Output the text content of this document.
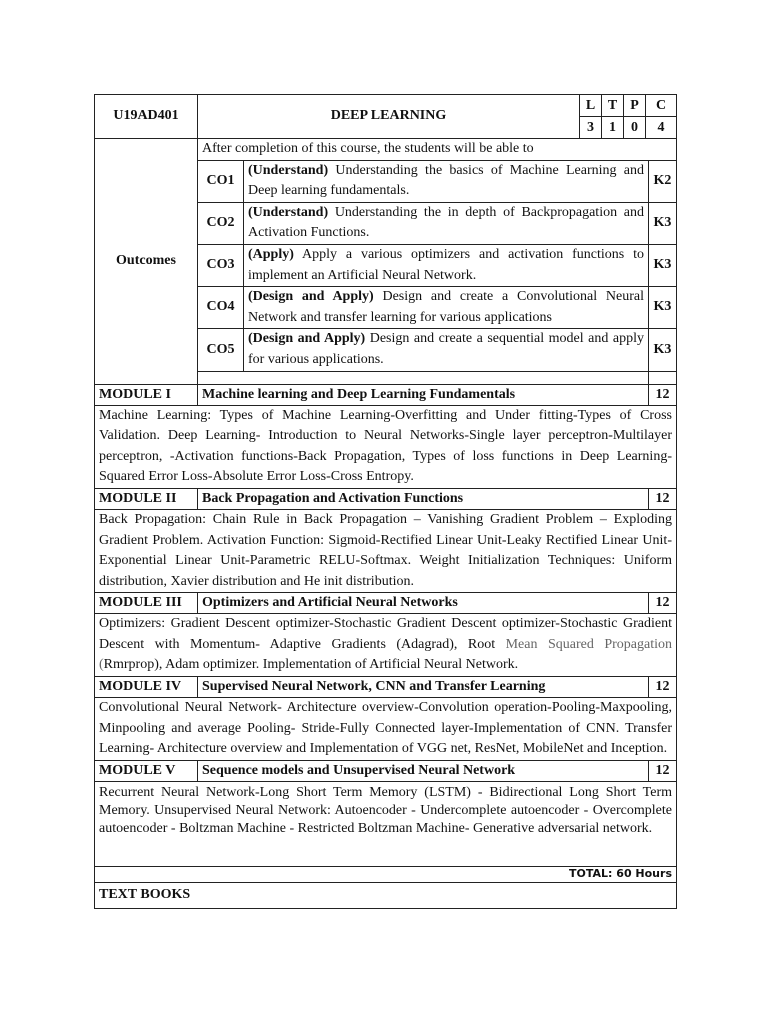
U19AD401	DEEP LEARNING	
L	T	P	C
3	1	0	4

Outcomes	After completion of this course, the students will be able to
CO1	(Understand) Understanding the basics of Machine Learning and Deep learning fundamentals.	K2
CO2	(Understand) Understanding the in depth of Backpropagation and Activation Functions.	K3
CO3	(Apply) Apply a various optimizers and activation functions to implement an Artificial Neural Network.	K3
CO4	(Design and Apply) Design and create a Convolutional Neural Network and transfer learning for various applications	K3
CO5	(Design and Apply) Design and create a sequential model and apply for various applications.	K3

MODULE I	Machine learning and Deep Learning Fundamentals	12
Machine Learning: Types of Machine Learning-Overfitting and Under fitting-Types of Cross Validation. Deep Learning- Introduction to Neural Networks-Single layer perceptron-Multilayer perceptron, -Activation functions-Back Propagation, Types of loss functions in Deep Learning-Squared Error Loss-Absolute Error Loss-Cross Entropy.
MODULE II	Back Propagation and Activation Functions	12
Back Propagation: Chain Rule in Back Propagation – Vanishing Gradient Problem – Exploding Gradient Problem. Activation Function: Sigmoid-Rectified Linear Unit-Leaky Rectified Linear Unit-Exponential Linear Unit-Parametric RELU-Softmax. Weight Initialization Techniques: Uniform distribution, Xavier distribution and He init distribution.
MODULE III	Optimizers and Artificial Neural Networks	12
Optimizers: Gradient Descent optimizer-Stochastic Gradient Descent optimizer-Stochastic Gradient Descent with Momentum- Adaptive Gradients (Adagrad), Root Mean Squared Propagation (Rmrprop), Adam optimizer. Implementation of Artificial Neural Network.
MODULE IV	Supervised Neural Network, CNN and Transfer Learning	12
Convolutional Neural Network- Architecture overview-Convolution operation-Pooling-Maxpooling, Minpooling and average Pooling- Stride-Fully Connected layer-Implementation of CNN. Transfer Learning- Architecture overview and Implementation of VGG net, ResNet, MobileNet and Inception.
MODULE V	Sequence models and Unsupervised Neural Network	12
Recurrent Neural Network-Long Short Term Memory (LSTM) - Bidirectional Long Short Term Memory. Unsupervised Neural Network: Autoencoder - Undercomplete autoencoder - Overcomplete autoencoder - Boltzman Machine - Restricted Boltzman Machine- Generative adversarial network.
TOTAL: 60 Hours
TEXT BOOKS
